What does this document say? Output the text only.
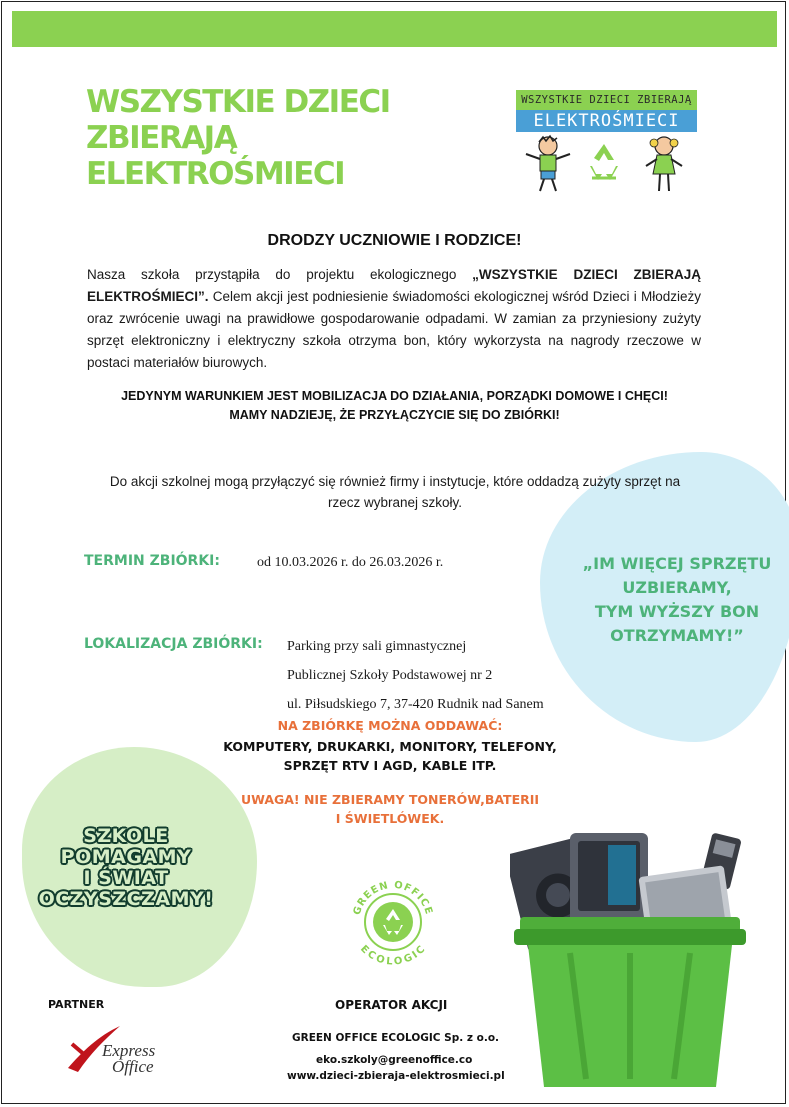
WSZYSTKIE DZIECI
ZBIERAJĄ
ELEKTROŚMIECI
WSZYSTKIE DZIECI ZBIERAJĄ
ELEKTROŚMIECI
DRODZY UCZNIOWIE I RODZICE!

Nasza szkoła przystąpiła do projektu ekologicznego „WSZYSTKIE DZIECI ZBIERAJĄ ELEKTROŚMIECI”. Celem akcji jest podniesienie świadomości ekologicznej wśród Dzieci i Młodzieży oraz zwrócenie uwagi na prawidłowe gospodarowanie odpadami. W zamian za przyniesiony zużyty sprzęt elektroniczny i elektryczny szkoła otrzyma bon, który wykorzysta na nagrody rzeczowe w postaci materiałów biurowych.

JEDYNYM WARUNKIEM JEST MOBILIZACJA DO DZIAŁANIA, PORZĄDKI DOMOWE I CHĘCI!
MAMY NADZIEJĘ, ŻE PRZYŁĄCZYCIE SIĘ DO ZBIÓRKI!

Do akcji szkolnej mogą przyłączyć się również firmy i instytucje, które oddadzą zużyty sprzęt na rzecz wybranej szkoły.

TERMIN ZBIÓRKI:	od 10.03.2026 r. do 26.03.2026 r.
LOKALIZACJA ZBIÓRKI: Parking przy sali gimnastycznej
Publicznej Szkoły Podstawowej nr 2
ul. Piłsudskiego 7, 37-420 Rudnik nad Sanem
„IM WIĘCEJ SPRZĘTU
UZBIERAMY,
TYM WYŻSZY BON
OTRZYMAMY!”
NA ZBIÓRKĘ MOŻNA ODDAWAĆ:
KOMPUTERY, DRUKARKI, MONITORY, TELEFONY,
SPRZĘT RTV I AGD, KABLE ITP.
UWAGA! NIE ZBIERAMY TONERÓW,BATERII
I ŚWIETLÓWEK.
SZKOLE
POMAGAMY
I ŚWIAT
OCZYSZCZAMY!
GREEN OFFICE
ECOLOGIC
PARTNER
Express
Office
OPERATOR AKCJI
GREEN OFFICE ECOLOGIC Sp. z o.o.
eko.szkoly@greenoffice.co
www.dzieci-zbieraja-elektrosmieci.pl
